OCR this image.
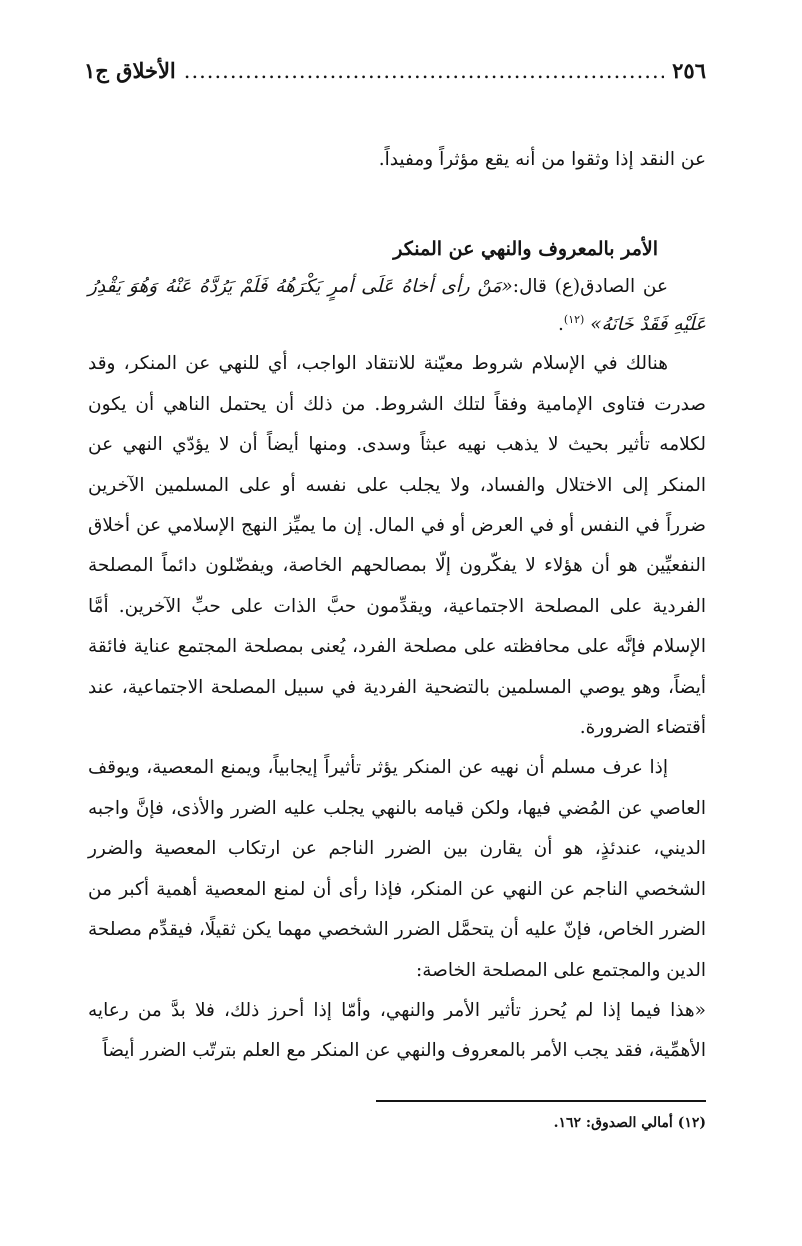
٢٥٦
.....
الأخلاق ج١

عن النقد إذا وثقوا من أنه يقع مؤثراً ومفيداً.

الأمر بالمعروف والنهي عن المنكر

عن الصادق(ع) قال:«مَنْ رأى أخاهُ عَلَى أمرٍ يَكْرَهُهُ فَلَمْ يَرُدَّهُ عَنْهُ وَهُوَ يَقْدِرُ عَلَيْهِ فَقَدْ خَانَهُ» $^{(١٢)}$.

هنالك في الإسلام شروط معيّنة للانتقاد الواجب، أي للنهي عن المنكر، وقد صدرت فتاوى الإمامية وفقاً لتلك الشروط. من ذلك أن يحتمل الناهي أن يكون لكلامه تأثير بحيث لا يذهب نهيه عبثاً وسدى. ومنها أيضاً أن لا يؤدّي النهي عن المنكر إلى الاختلال والفساد، ولا يجلب على نفسه أو على المسلمين الآخرين ضرراً في النفس أو في العرض أو في المال. إن ما يميِّز النهج الإسلامي عن أخلاق النفعيِّين هو أن هؤلاء لا يفكّرون إلّا بمصالحهم الخاصة، ويفضّلون دائماً المصلحة الفردية على المصلحة الاجتماعية، ويقدِّمون حبَّ الذات على حبِّ الآخرين. أمَّا الإسلام فإنَّه على محافظته على مصلحة الفرد، يُعنى بمصلحة المجتمع عناية فائقة أيضاً، وهو يوصي المسلمين بالتضحية الفردية في سبيل المصلحة الاجتماعية، عند أقتضاء الضرورة.

إذا عرف مسلم أن نهيه عن المنكر يؤثر تأثيراً إيجابياً، ويمنع المعصية، ويوقف العاصي عن المُضي فيها، ولكن قيامه بالنهي يجلب عليه الضرر والأذى، فإنَّ واجبه الديني، عندئذٍ، هو أن يقارن بين الضرر الناجم عن ارتكاب المعصية والضرر الشخصي الناجم عن النهي عن المنكر، فإذا رأى أن لمنع المعصية أهمية أكبر من الضرر الخاص، فإنّ عليه أن يتحمَّل الضرر الشخصي مهما يكن ثقيلًا، فيقدِّم مصلحة الدين والمجتمع على المصلحة الخاصة:

«هذا فيما إذا لم يُحرز تأثير الأمر والنهي، وأمّا إذا أحرز ذلك، فلا بدَّ من رعايه الأهمِّية، فقد يجب الأمر بالمعروف والنهي عن المنكر مع العلم بترتّب الضرر أيضاً

(١٢) أمالي الصدوق: ١٦٢.
